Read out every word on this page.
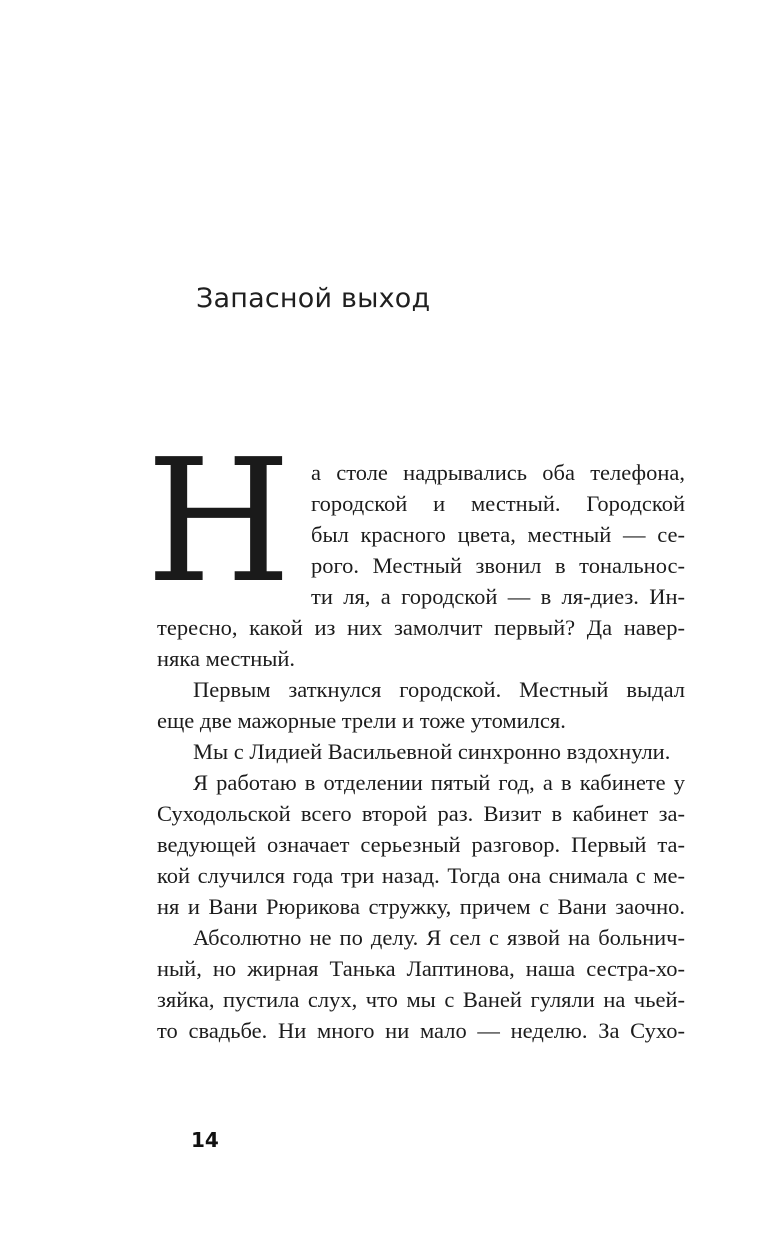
Запасной выход
Н а столе надрывались оба телефона,
городской и местный. Городской
был красного цвета, местный — се-
рого. Местный звонил в тональнос-
ти ля, а городской — в ля-диез. Ин-
тересно, какой из них замолчит первый? Да навер-
няка местный.
Первым заткнулся городской. Местный выдал
еще две мажорные трели и тоже утомился.
Мы с Лидией Васильевной синхронно вздохнули.
Я работаю в отделении пятый год, а в кабинете у
Суходольской всего второй раз. Визит в кабинет за-
ведующей означает серьезный разговор. Первый та-
кой случился года три назад. Тогда она снимала с ме-
ня и Вани Рюрикова стружку, причем с Вани заочно.
Абсолютно не по делу. Я сел с язвой на больнич-
ный, но жирная Танька Лаптинова, наша сестра-хо-
зяйка, пустила слух, что мы с Ваней гуляли на чьей-
то свадьбе. Ни много ни мало — неделю. За Сухо-
14
